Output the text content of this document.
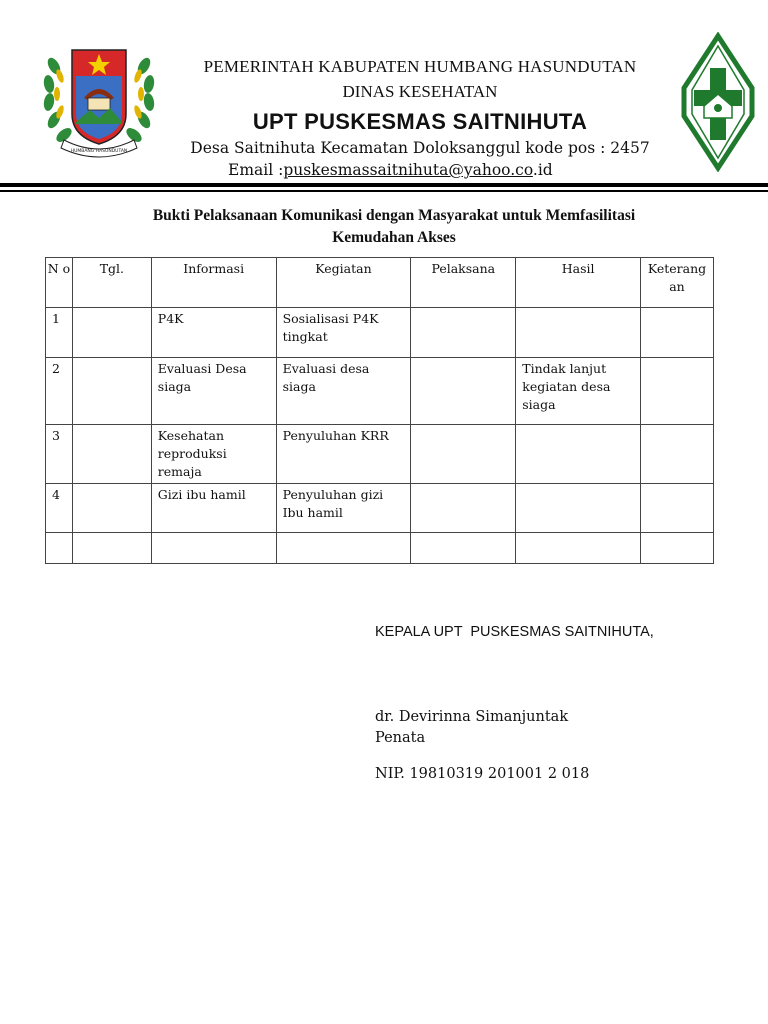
HUMBANG HASUNDUTAN
PEMERINTAH KABUPATEN HUMBANG HASUNDUTAN
DINAS KESEHATAN
UPT PUSKESMAS SAITNIHUTA
Desa Saitnihuta Kecamatan Doloksanggul kode pos : 2457
Email :puskesmassaitnihuta@yahoo.co.id
Bukti Pelaksanaan Komunikasi dengan Masyarakat untuk Memfasilitasi
Kemudahan Akses
N o	Tgl.	Informasi	Kegiatan	Pelaksana	Hasil	Keterang an
1		P4K	Sosialisasi P4K tingkat			
2		Evaluasi Desa siaga	Evaluasi desa siaga		Tindak lanjut kegiatan desa siaga	
3		Kesehatan reproduksi remaja	Penyuluhan KRR			
4		Gizi ibu hamil	Penyuluhan gizi Ibu hamil			

KEPALA UPT  PUSKESMAS SAITNIHUTA,
dr. Devirinna Simanjuntak
Penata
NIP. 19810319 201001 2 018
